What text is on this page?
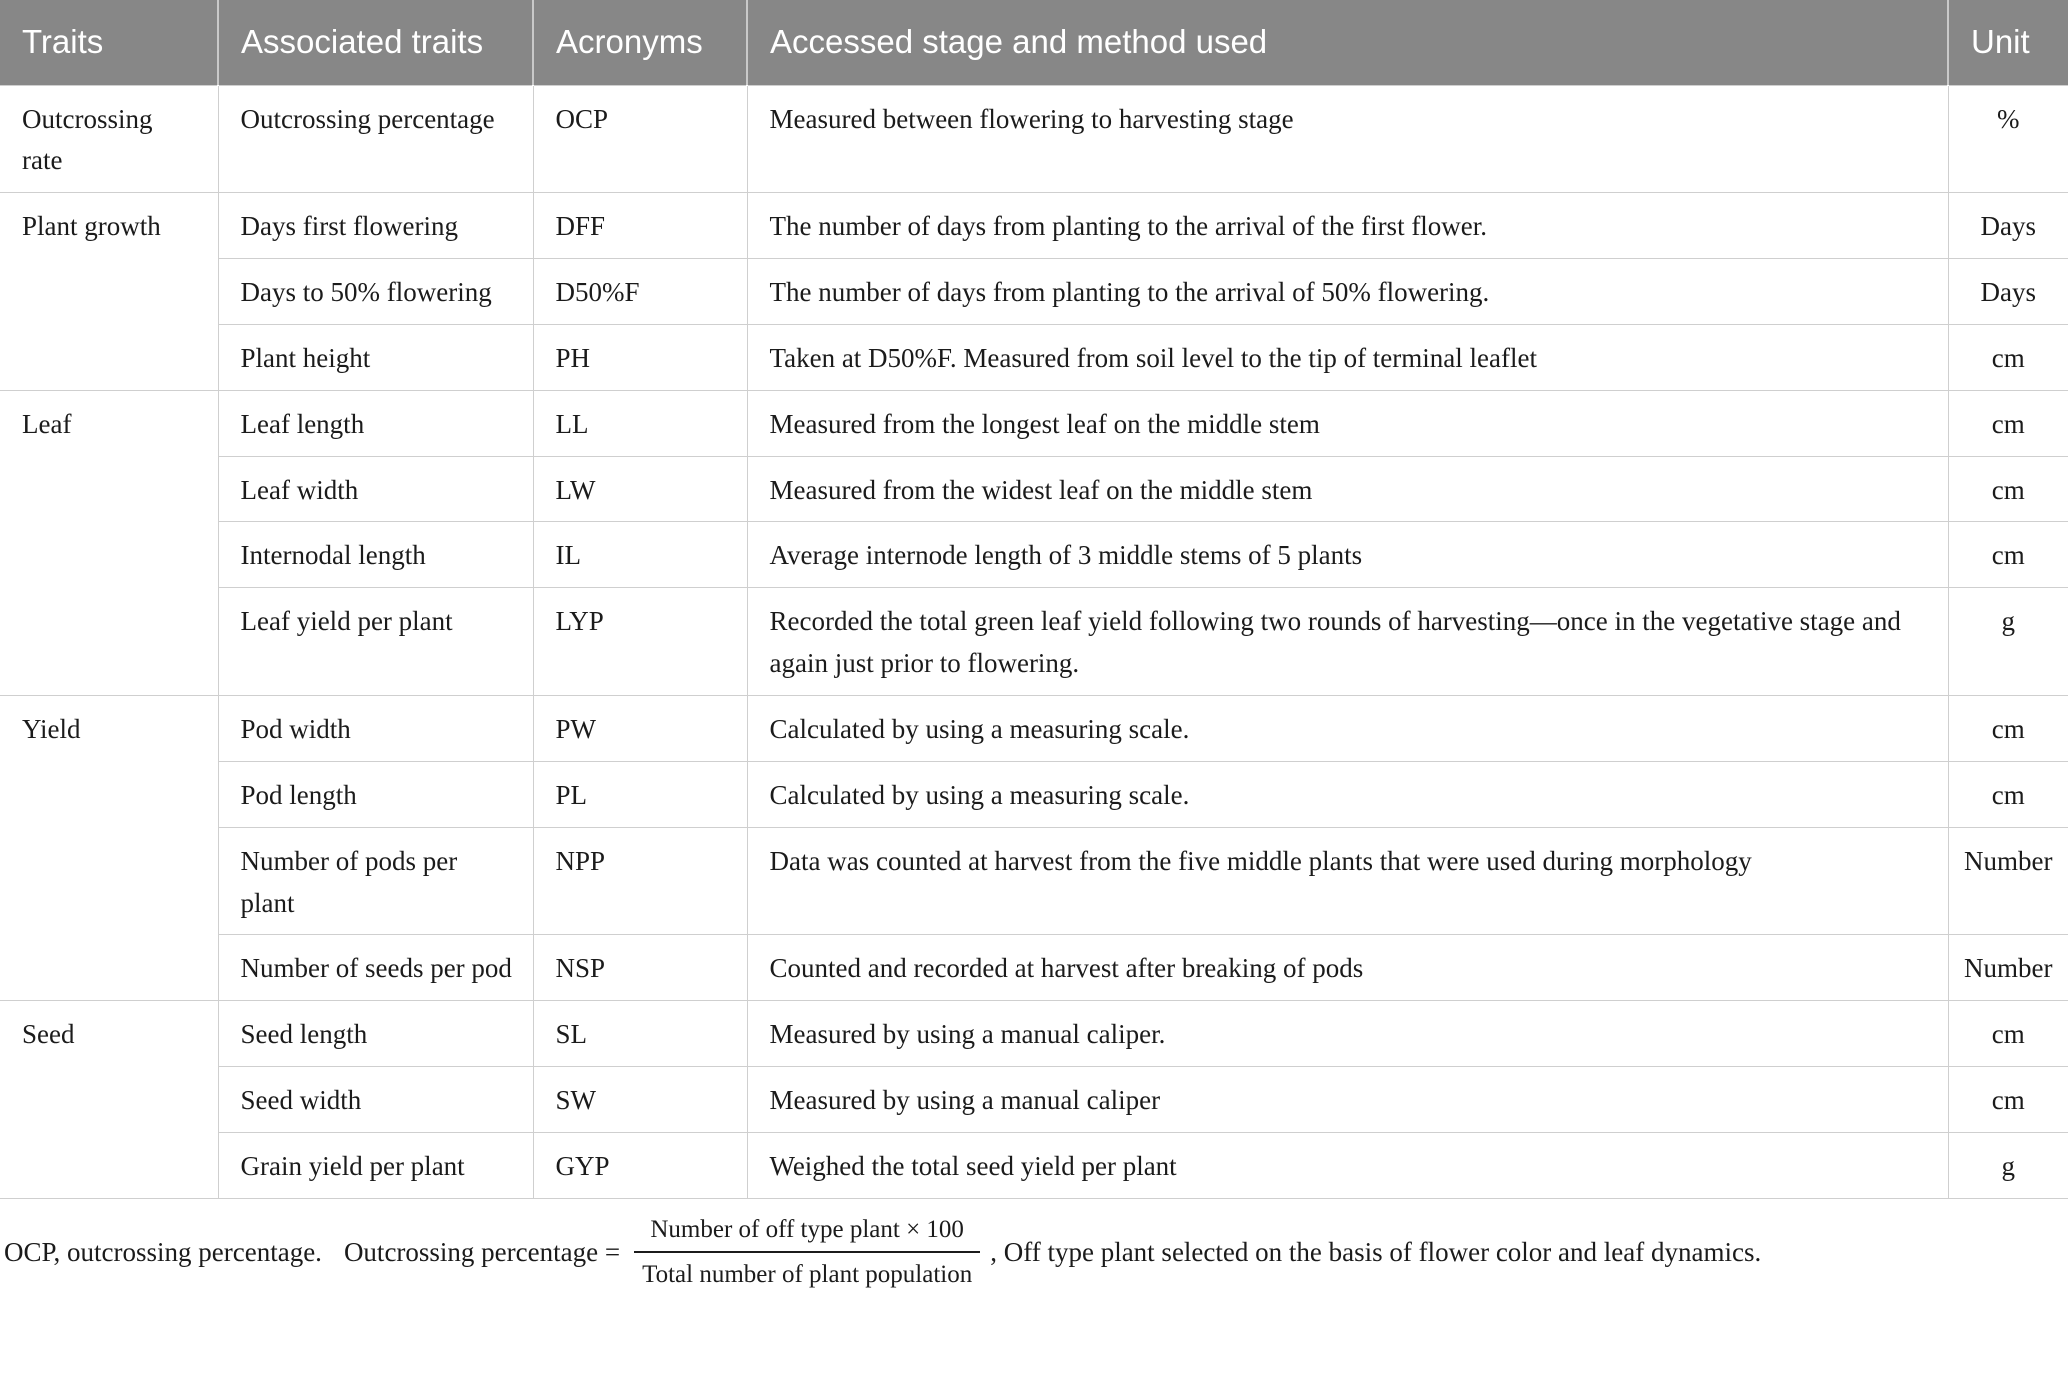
Traits	Associated traits	Acronyms	Accessed stage and method used	Unit
Outcrossing rate	Outcrossing percentage	OCP	Measured between flowering to harvesting stage	%
Plant growth	Days first flowering	DFF	The number of days from planting to the arrival of the first flower.	Days
	Days to 50% flowering	D50%F	The number of days from planting to the arrival of 50% flowering.	Days
	Plant height	PH	Taken at D50%F. Measured from soil level to the tip of terminal leaflet	cm
Leaf	Leaf length	LL	Measured from the longest leaf on the middle stem	cm
	Leaf width	LW	Measured from the widest leaf on the middle stem	cm
	Internodal length	IL	Average internode length of 3 middle stems of 5 plants	cm
	Leaf yield per plant	LYP	Recorded the total green leaf yield following two rounds of harvesting—once in the vegetative stage and again just prior to flowering.	g
Yield	Pod width	PW	Calculated by using a measuring scale.	cm
	Pod length	PL	Calculated by using a measuring scale.	cm
	Number of pods per plant	NPP	Data was counted at harvest from the five middle plants that were used during morphology	Number
	Number of seeds per pod	NSP	Counted and recorded at harvest after breaking of pods	Number
Seed	Seed length	SL	Measured by using a manual caliper.	cm
	Seed width	SW	Measured by using a manual caliper	cm
	Grain yield per plant	GYP	Weighed the total seed yield per plant	g
OCP, outcrossing percentage. Outcrossing percentage = $\frac{\text{Number of off type plant × 100}}{\text{Total number of plant population}}$ , Off type plant selected on the basis of flower color and leaf dynamics.
